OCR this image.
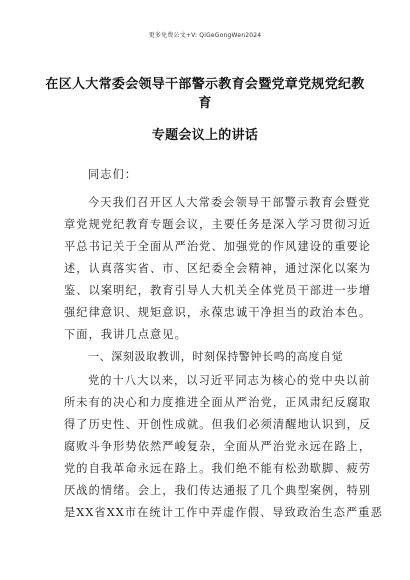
更多免费公文+V: QiGeGongWen2024
在区人大常委会领导干部警示教育会暨党章党规党纪教育
专题会议上的讲话
同志们：
今天我们召开区人大常委会领导干部警示教育会暨党
章党规党纪教育专题会议，主要任务是深入学习贯彻习近
平总书记关于全面从严治党、加强党的作风建设的重要论
述，认真落实省、市、区纪委全会精神，通过深化以案为
鉴、以案明纪，教育引导人大机关全体党员干部进一步增
强纪律意识、规矩意识，永葆忠诚干净担当的政治本色。
下面，我讲几点意见。
一、深刻汲取教训，时刻保持警钟长鸣的高度自觉
党的十八大以来，以习近平同志为核心的党中央以前
所未有的决心和力度推进全面从严治党，正风肃纪反腐取
得了历史性、开创性成就。但我们必须清醒地认识到，反
腐败斗争形势依然严峻复杂，全面从严治党永远在路上，
党的自我革命永远在路上。我们绝不能有松劲歇脚、疲劳
厌战的情绪。会上，我们传达通报了几个典型案例，特别
是XX省XX市在统计工作中弄虚作假、导致政治生态严重恶
